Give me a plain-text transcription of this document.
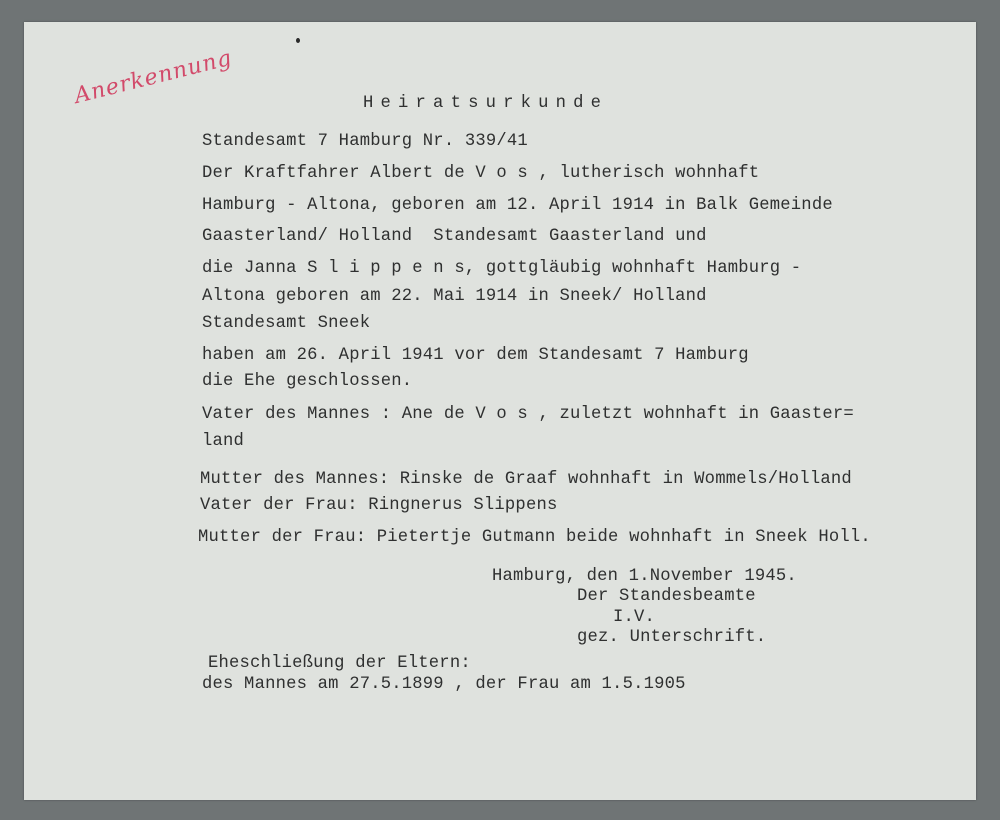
Anerkennung	Heiratsurkunde
Standesamt 7 Hamburg Nr. 339/41
Der Kraftfahrer Albert de V o s , lutherisch wohnhaft
Hamburg - Altona, geboren am 12. April 1914 in Balk Gemeinde
Gaasterland/ Holland  Standesamt Gaasterland und
die Janna S l i p p e n s, gottgläubig wohnhaft Hamburg -
Altona geboren am 22. Mai 1914 in Sneek/ Holland
Standesamt Sneek
haben am 26. April 1941 vor dem Standesamt 7 Hamburg
die Ehe geschlossen.
Vater des Mannes : Ane de V o s , zuletzt wohnhaft in Gaaster=
land
Mutter des Mannes: Rinske de Graaf wohnhaft in Wommels/Holland
Vater der Frau: Ringnerus Slippens
Mutter der Frau: Pietertje Gutmann beide wohnhaft in Sneek Holl.
Hamburg, den 1.November 1945.
Der Standesbeamte
I.V.
gez. Unterschrift.
Eheschließung der Eltern:
des Mannes am 27.5.1899 , der Frau am 1.5.1905
